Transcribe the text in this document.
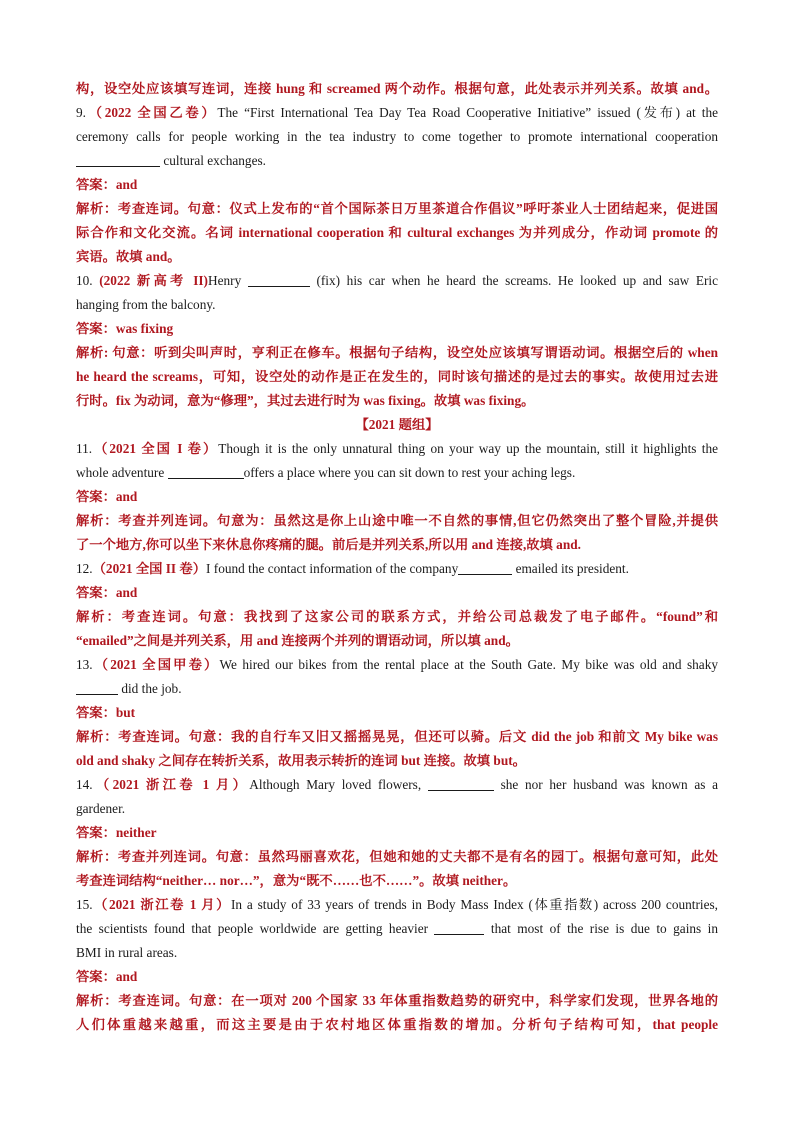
构，设空处应该填写连词，连接 hung 和 screamed 两个动作。根据句意，此处表示并列关系。故填 and。
9.（2022 全国乙卷）The “First International Tea Day Tea Road Cooperative Initiative” issued (发布) at the
ceremony calls for people working in the tea industry to come together to promote international cooperation
cultural exchanges.
答案：and
解析：考查连词。句意：仪式上发布的“首个国际茶日万里茶道合作倡议”呼吁茶业人士团结起来，促进国
际合作和文化交流。名词 international cooperation 和 cultural exchanges 为并列成分，作动词 promote 的
宾语。故填 and。
10. (2022 新高考 II)Henry	(fix) his car when he heard the screams. He looked up and saw Eric
hanging from the balcony.
答案：was fixing
解析: 句意：听到尖叫声时，亨利正在修车。根据句子结构，设空处应该填写谓语动词。根据空后的 when
he heard the screams，可知，设空处的动作是正在发生的，同时该句描述的是过去的事实。故使用过去进
行时。fix 为动词，意为“修理”，其过去进行时为 was fixing。故填 was fixing。
【2021 题组】
11.（2021 全国 I 卷）Though it is the only unnatural thing on your way up the mountain, still it highlights the
whole adventure	offers a place where you can sit down to rest your aching legs.
答案：and
解析：考查并列连词。句意为：虽然这是你上山途中唯一不自然的事情,但它仍然突出了整个冒险,并提供
了一个地方,你可以坐下来休息你疼痛的腿。前后是并列关系,所以用 and 连接,故填 and.
12.（2021 全国 II 卷）I found the contact information of the company	emailed its president.
答案：and
解析：考查连词。句意：我找到了这家公司的联系方式，并给公司总裁发了电子邮件。“found”和
“emailed”之间是并列关系，用 and 连接两个并列的谓语动词，所以填 and。
13.（2021 全国甲卷）We hired our bikes from the rental place at the South Gate. My bike was old and shaky
did the job.
答案：but
解析：考查连词。句意：我的自行车又旧又摇摇晃晃，但还可以骑。后文 did the job 和前文 My bike was
old and shaky 之间存在转折关系，故用表示转折的连词 but 连接。故填 but。
14.（2021 浙江卷 1 月）Although Mary loved flowers,	she nor her husband was known as a
gardener.
答案：neither
解析：考查并列连词。句意：虽然玛丽喜欢花，但她和她的丈夫都不是有名的园丁。根据句意可知，此处
考查连词结构“neither… nor…”，意为“既不……也不……”。故填 neither。
15.（2021 浙江卷 1 月）In a study of 33 years of trends in Body Mass Index (体重指数) across 200 countries,
the scientists found that people worldwide are getting heavier	that most of the rise is due to gains in
BMI in rural areas.
答案：and
解析：考查连词。句意：在一项对 200 个国家 33 年体重指数趋势的研究中，科学家们发现，世界各地的
人们体重越来越重，而这主要是由于农村地区体重指数的增加。分析句子结构可知，that people
